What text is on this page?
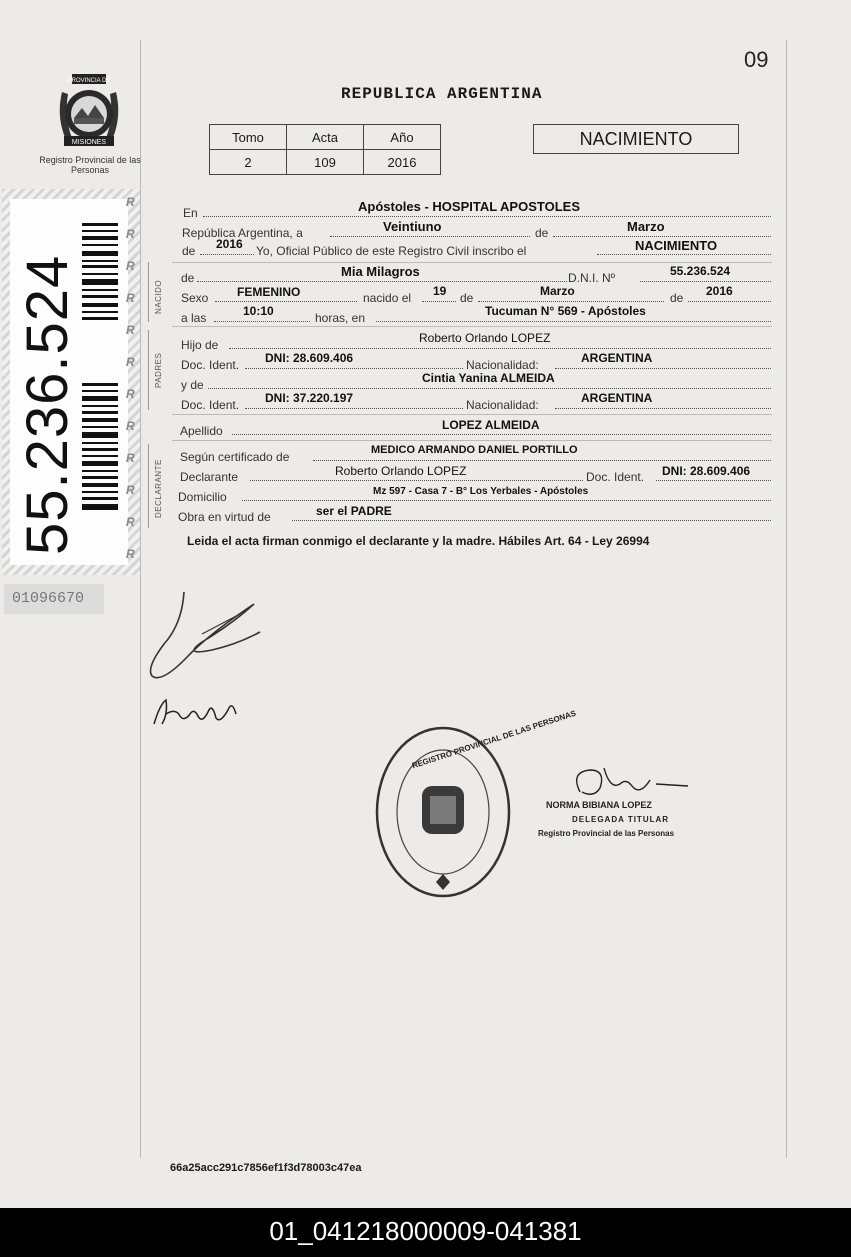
09
PROVINCIA DE
MISIONES
Registro Provincial de las Personas
R
R
R
R
R
R
R
R
R
R
R
R
55.236.524
01096670
REPUBLICA ARGENTINA
Tomo	Acta	Año
2	109	2016
NACIMIENTO
NACIDO
PADRES
DECLARANTE
En	Apóstoles - HOSPITAL APOSTOLES
República Argentina, a	Veintiuno	de	Marzo
de 2016 Yo, Oficial Público de este Registro Civil inscribo el	NACIMIENTO
de	Mia Milagros	D.N.I. Nº	55.236.524
Sexo FEMENINO	nacido el 19 de	Marzo	de 2016
a las	10:10	horas, en	Tucuman N° 569 - Apóstoles
Hijo de	Roberto Orlando LOPEZ
Doc. Ident. DNI: 28.609.406	Nacionalidad:	ARGENTINA
y de	Cintia Yanina ALMEIDA
Doc. Ident. DNI: 37.220.197	Nacionalidad:	ARGENTINA
Apellido	LOPEZ ALMEIDA
Según certificado de	MEDICO ARMANDO DANIEL PORTILLO
Declarante	Roberto Orlando LOPEZ	Doc. Ident. DNI: 28.609.406
Domicilio	Mz 597 - Casa 7 - B° Los Yerbales - Apóstoles
Obra en virtud de	ser el PADRE
Leida el acta firman conmigo el declarante y la madre. Hábiles Art. 64 - Ley 26994
REGISTRO PROVINCIAL DE LAS PERSONAS
NORMA BIBIANA LOPEZ
DELEGADA TITULAR
Registro Provincial de las Personas
66a25acc291c7856ef1f3d78003c47ea
01_041218000009-041381
